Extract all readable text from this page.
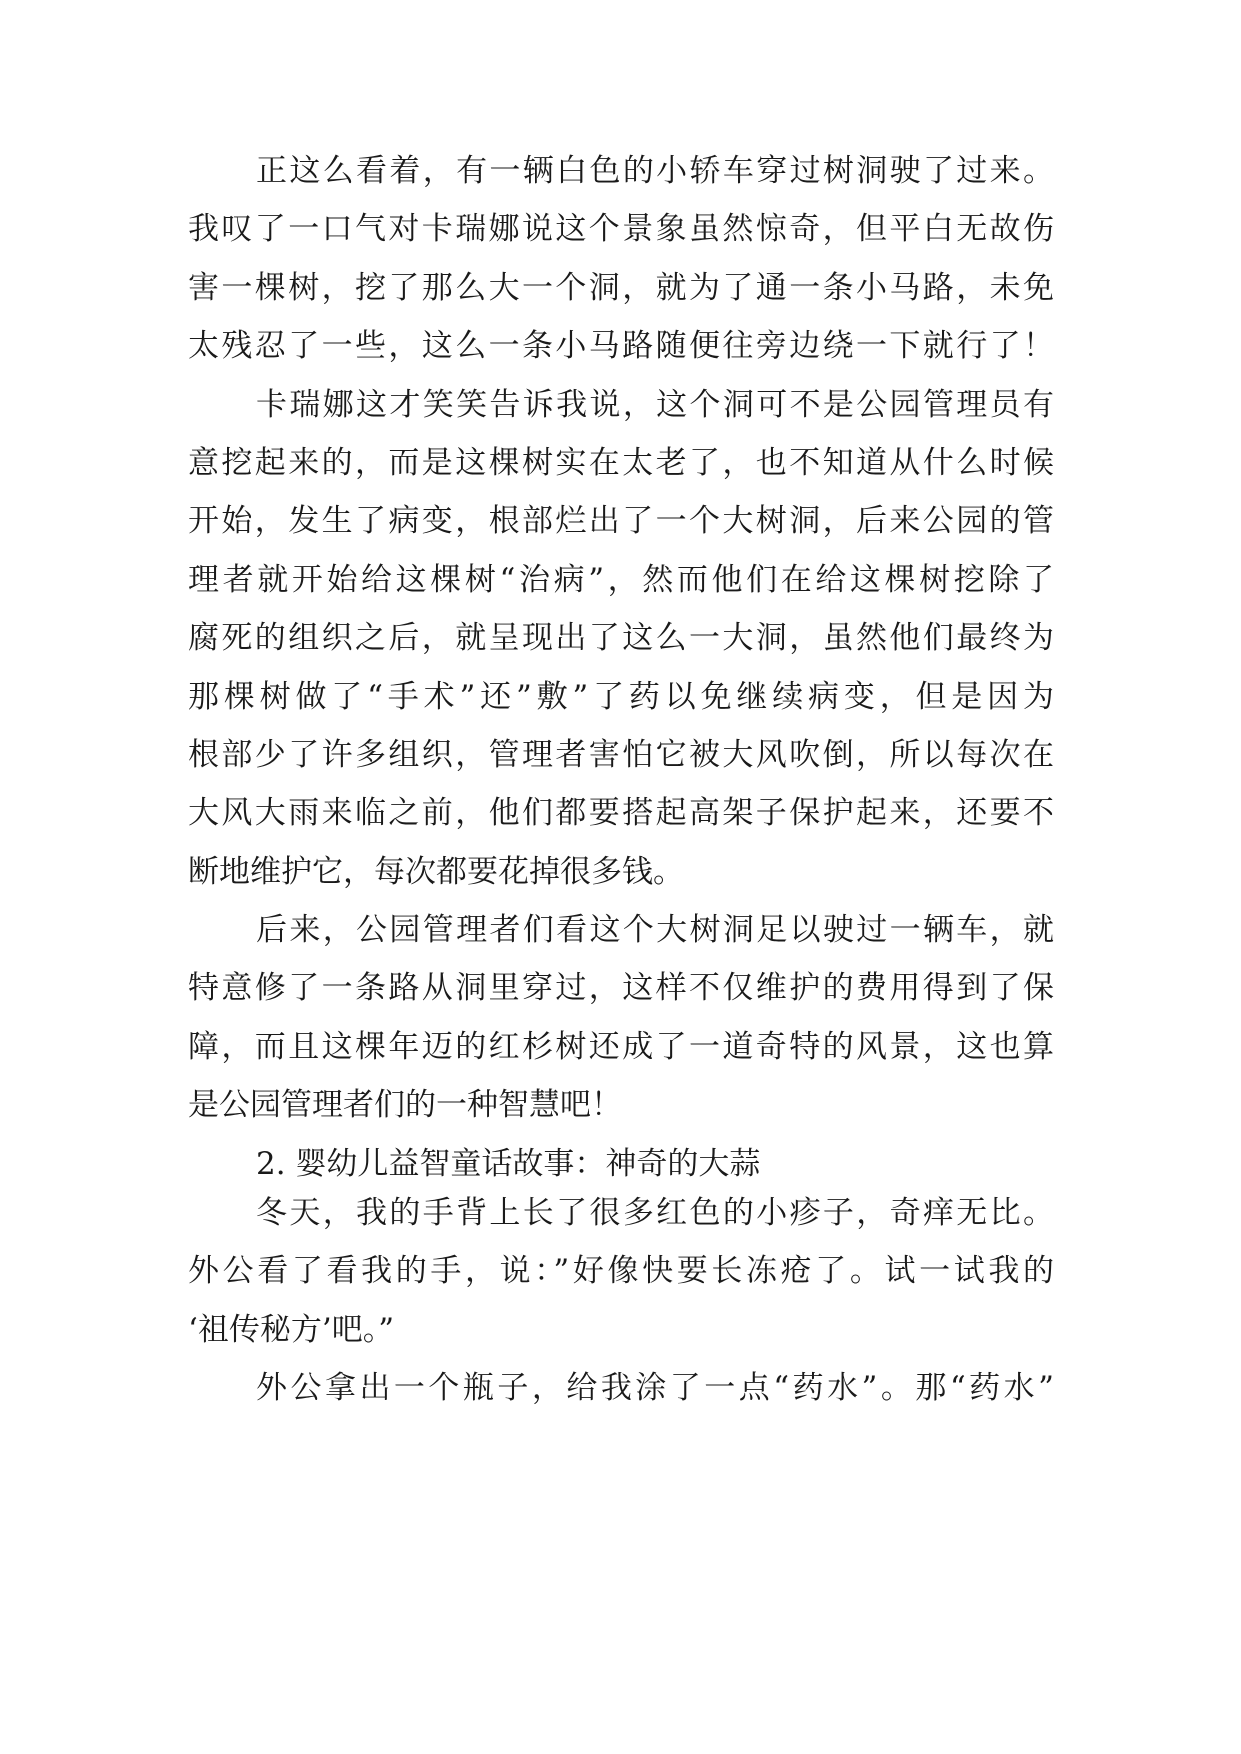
正这么看着，有一辆白色的小轿车穿过树洞驶了过来。
我叹了一口气对卡瑞娜说这个景象虽然惊奇，但平白无故伤
害一棵树，挖了那么大一个洞，就为了通一条小马路，未免
太残忍了一些，这么一条小马路随便往旁边绕一下就行了！
卡瑞娜这才笑笑告诉我说，这个洞可不是公园管理员有
意挖起来的，而是这棵树实在太老了，也不知道从什么时候
开始，发生了病变，根部烂出了一个大树洞，后来公园的管
理者就开始给这棵树“治病”，然而他们在给这棵树挖除了
腐死的组织之后，就呈现出了这么一大洞，虽然他们最终为
那棵树做了“手术”还”敷”了药以免继续病变，但是因为
根部少了许多组织，管理者害怕它被大风吹倒，所以每次在
大风大雨来临之前，他们都要搭起高架子保护起来，还要不
断地维护它，每次都要花掉很多钱。
后来，公园管理者们看这个大树洞足以驶过一辆车，就
特意修了一条路从洞里穿过，这样不仅维护的费用得到了保
障，而且这棵年迈的红杉树还成了一道奇特的风景，这也算
是公园管理者们的一种智慧吧！
2. 婴幼儿益智童话故事：神奇的大蒜
冬天，我的手背上长了很多红色的小疹子，奇痒无比。
外公看了看我的手，说：”好像快要长冻疮了。试一试我的
‘祖传秘方’吧。”
外公拿出一个瓶子，给我涂了一点“药水”。那“药水”
